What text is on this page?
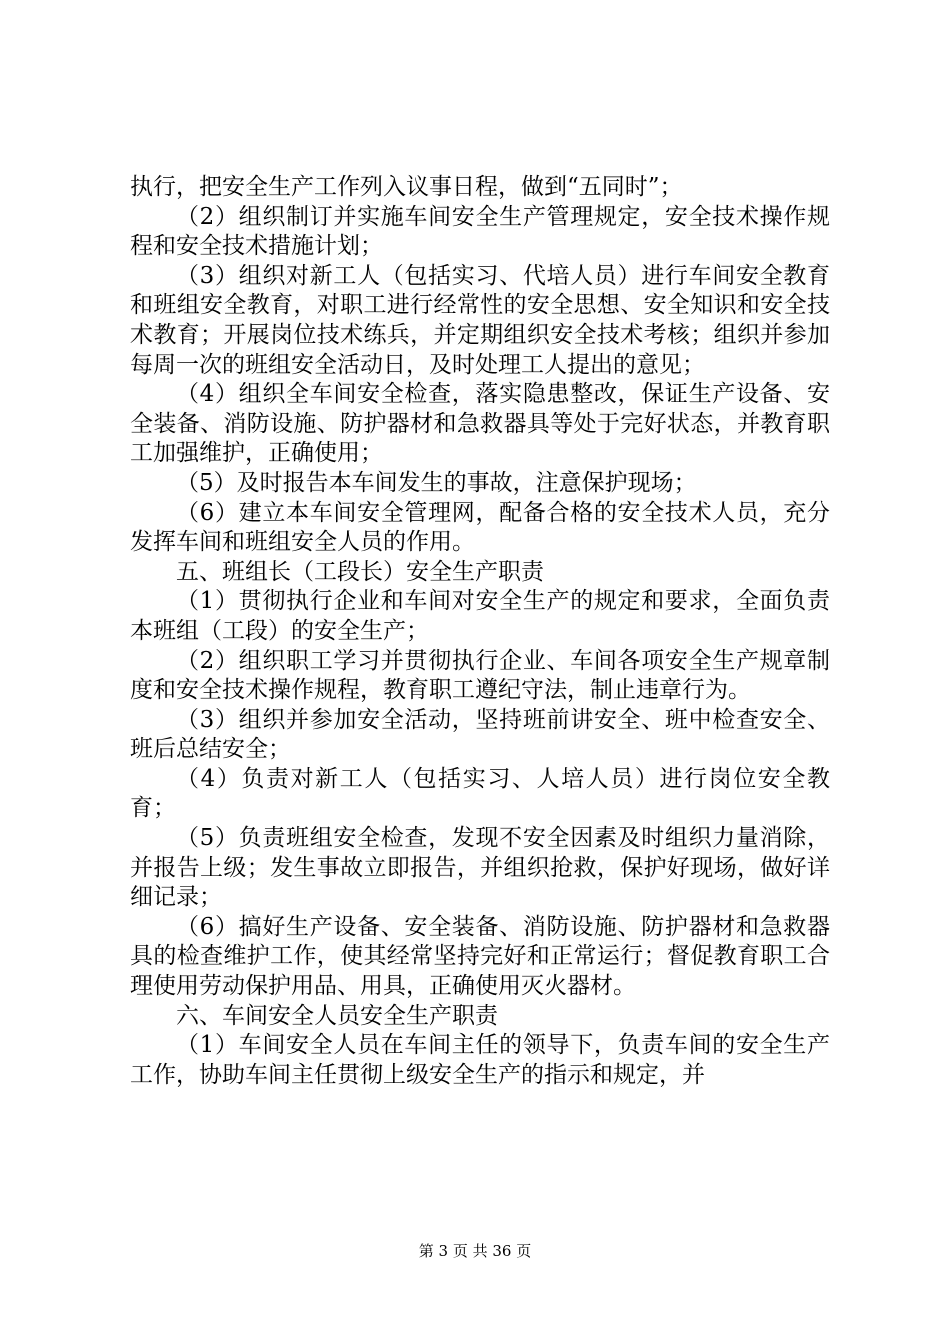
执行，把安全生产工作列入议事日程，做到“五同时”；

（2）组织制订并实施车间安全生产管理规定，安全技术操作规程和安全技术措施计划；

（3）组织对新工人（包括实习、代培人员）进行车间安全教育和班组安全教育，对职工进行经常性的安全思想、安全知识和安全技术教育；开展岗位技术练兵，并定期组织安全技术考核；组织并参加每周一次的班组安全活动日，及时处理工人提出的意见；

（4）组织全车间安全检查，落实隐患整改，保证生产设备、安全装备、消防设施、防护器材和急救器具等处于完好状态，并教育职工加强维护，正确使用；

（5）及时报告本车间发生的事故，注意保护现场；

（6）建立本车间安全管理网，配备合格的安全技术人员，充分发挥车间和班组安全人员的作用。

五、班组长（工段长）安全生产职责

（1）贯彻执行企业和车间对安全生产的规定和要求，全面负责本班组（工段）的安全生产；

（2）组织职工学习并贯彻执行企业、车间各项安全生产规章制度和安全技术操作规程，教育职工遵纪守法，制止违章行为。

（3）组织并参加安全活动，坚持班前讲安全、班中检查安全、班后总结安全；

（4）负责对新工人（包括实习、人培人员）进行岗位安全教育；

（5）负责班组安全检查，发现不安全因素及时组织力量消除，并报告上级；发生事故立即报告，并组织抢救，保护好现场，做好详细记录；

（6）搞好生产设备、安全装备、消防设施、防护器材和急救器具的检查维护工作，使其经常坚持完好和正常运行；督促教育职工合理使用劳动保护用品、用具，正确使用灭火器材。

六、车间安全人员安全生产职责

（1）车间安全人员在车间主任的领导下，负责车间的安全生产工作，协助车间主任贯彻上级安全生产的指示和规定，并

第 3 页 共 36 页
